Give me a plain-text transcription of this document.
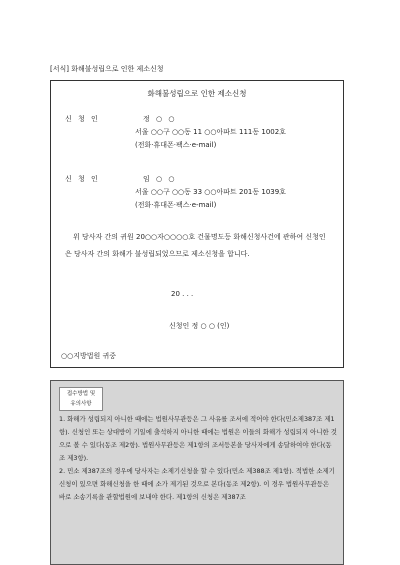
[서식] 화해불성립으로 인한 제소신청
화해불성립으로 인한 제소신청
신 청 인	정 ○ ○
서울 ○○구 ○○동 11 ○○아파트 111동 1002호
(전화·휴대폰·팩스·e-mail)
신 청 인	임 ○ ○
서울 ○○구 ○○동 33 ○○아파트 201동 1039호
(전화·휴대폰·팩스·e-mail)
위 당사자 간의 귀원 20○○자○○○○호 건물명도등 화해신청사건에 관하여 신청인은 당사자 간의 화해가 불성립되었으므로 제소신청을 합니다.
20 . . .
신청인 정 ○ ○ (인)
○○지방법원 귀중
접수방법 및
유의사항

1. 화해가 성립되지 아니한 때에는 법원사무관등은 그 사유를 조서에 적어야 한다(민소제387조 제1항). 신청인 또는 상대방이 기일에 출석하지 아니한 때에는 법원은 이들의 화해가 성립되지 아니한 것으로 볼 수 있다(동조 제2항). 법원사무관등은 제1항의 조서등본을 당사자에게 송달하여야 한다(동조 제3항).

2. 민소 제387조의 경우에 당사자는 소제기신청을 할 수 있다(민소 제388조 제1항). 적법한 소제기신청이 있으면 화해신청을 한 때에 소가 제기된 것으로 본다(동조 제2항). 이 경우 법원사무관등은 바로 소송기록을 관할법원에 보내야 한다. 제1항의 신청은 제387조
